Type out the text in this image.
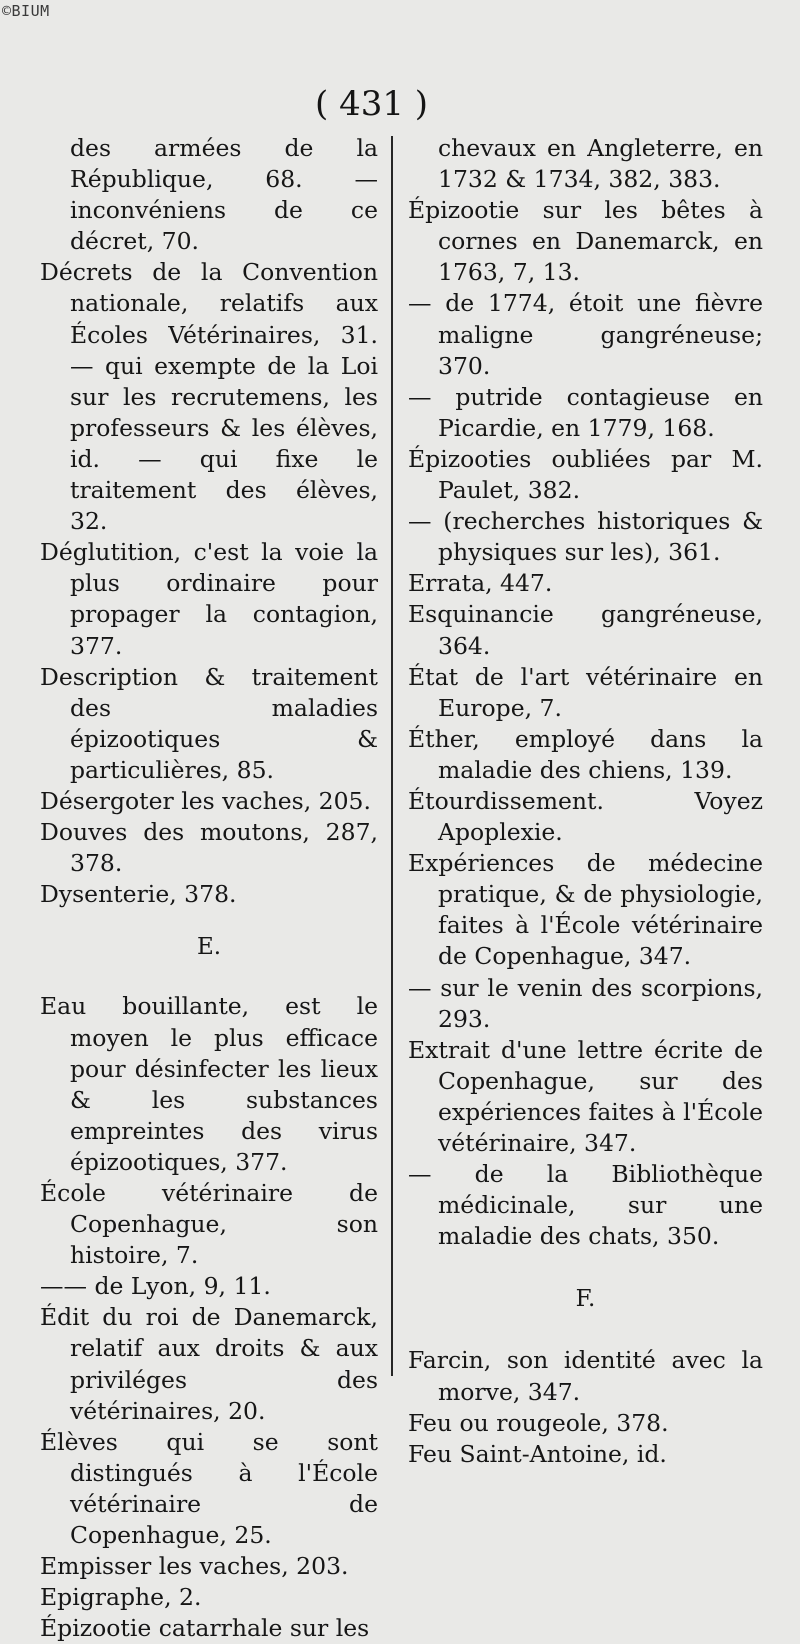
©BIUM
( 431 )
des armées de la République, 68. — inconvéniens de ce décret, 70.
Décrets de la Convention nationale, relatifs aux Écoles Vétérinaires, 31. — qui exempte de la Loi sur les recrutemens, les professeurs & les élèves, id. — qui fixe le traitement des élèves, 32.
Déglutition, c'est la voie la plus ordinaire pour propager la contagion, 377.
Description & traitement des maladies épizootiques & particulières, 85.
Désergoter les vaches, 205.
Douves des moutons, 287, 378.
Dysenterie, 378.
E.
Eau bouillante, est le moyen le plus efficace pour désinfecter les lieux & les substances empreintes des virus épizootiques, 377.
École vétérinaire de Copenhague, son histoire, 7.
—— de Lyon, 9, 11.
Édit du roi de Danemarck, relatif aux droits & aux priviléges des vétérinaires, 20.
Élèves qui se sont distingués à l'École vétérinaire de Copenhague, 25.
Empisser les vaches, 203.
Epigraphe, 2.
Épizootie catarrhale sur les
chevaux en Angleterre, en 1732 & 1734, 382, 383.
Épizootie sur les bêtes à cornes en Danemarck, en 1763, 7, 13.
— de 1774, étoit une fièvre maligne gangréneuse; 370.
— putride contagieuse en Picardie, en 1779, 168.
Épizooties oubliées par M. Paulet, 382.
— (recherches historiques & physiques sur les), 361.
Errata, 447.
Esquinancie gangréneuse, 364.
État de l'art vétérinaire en Europe, 7.
Éther, employé dans la maladie des chiens, 139.
Étourdissement. Voyez Apoplexie.
Expériences de médecine pratique, & de physiologie, faites à l'École vétérinaire de Copenhague, 347.
— sur le venin des scorpions, 293.
Extrait d'une lettre écrite de Copenhague, sur des expériences faites à l'École vétérinaire, 347.
— de la Bibliothèque médicinale, sur une maladie des chats, 350.
F.
Farcin, son identité avec la morve, 347.
Feu ou rougeole, 378.
Feu Saint-Antoine, id.
